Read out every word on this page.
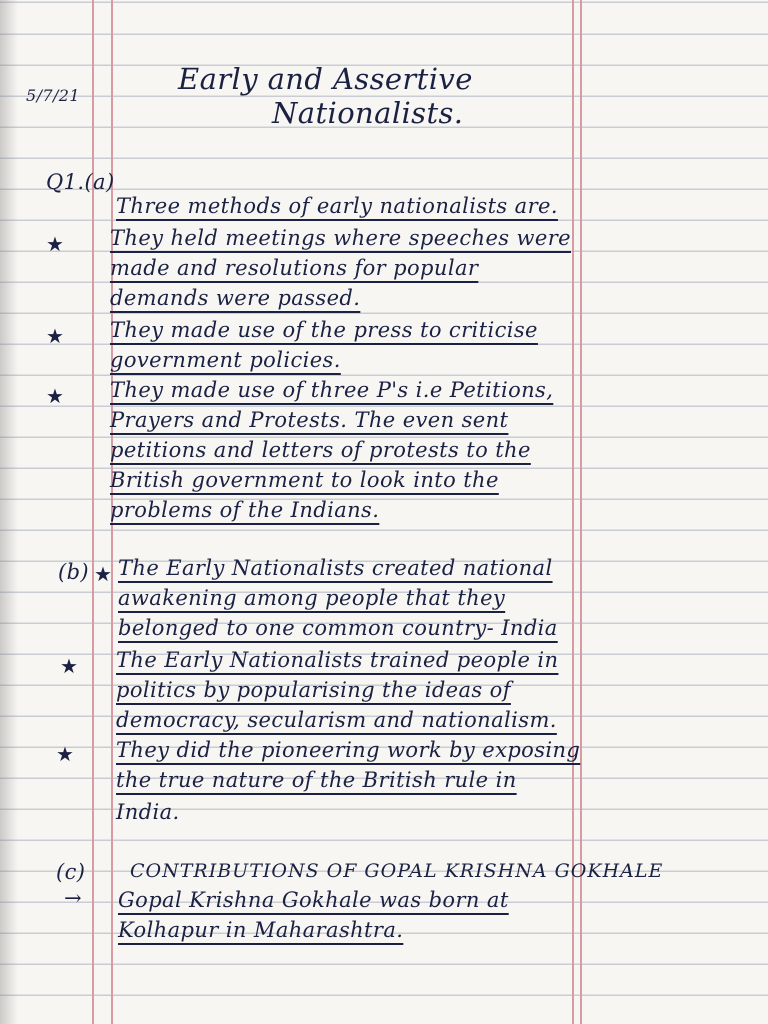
5/7/21	Early and Assertive
Nationalists.
Q1.(a)
Three methods of early nationalists are.
★ They held meetings where speeches were
made and resolutions for popular
demands were passed.
★ They made use of the press to criticise
government policies.
★ They made use of three P's i.e Petitions,
Prayers and Protests. The even sent
petitions and letters of protests to the
British government to look into the
problems of the Indians.
(b) ★ The Early Nationalists created national
awakening among people that they
belonged to one common country- India
★ The Early Nationalists trained people in
politics by popularising the ideas of
democracy, secularism and nationalism.
★ They did the pioneering work by exposing
the true nature of the British rule in
India.
(c) CONTRIBUTIONS OF GOPAL KRISHNA GOKHALE
→ Gopal Krishna Gokhale was born at
Kolhapur in Maharashtra.
